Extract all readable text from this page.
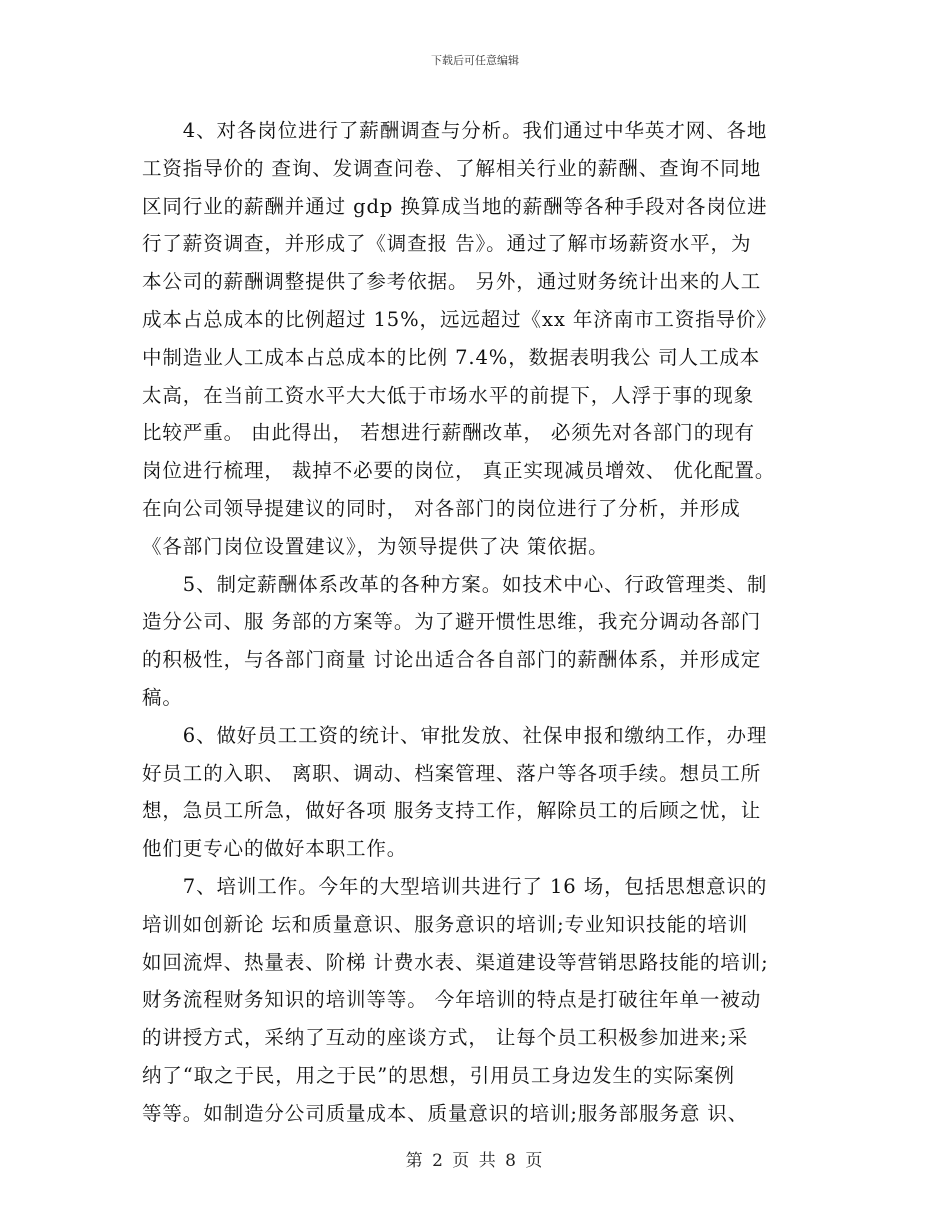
下载后可任意编辑
　　4、对各岗位进行了薪酬调查与分析。我们通过中华英才网、各地
工资指导价的 查询、发调查问卷、了解相关行业的薪酬、查询不同地
区同行业的薪酬并通过 gdp 换算成当地的薪酬等各种手段对各岗位进
行了薪资调查，并形成了《调查报 告》。通过了解市场薪资水平，为
本公司的薪酬调整提供了参考依据。 另外，通过财务统计出来的人工
成本占总成本的比例超过 15%，远远超过《xx 年济南市工资指导价》
中制造业人工成本占总成本的比例 7.4%，数据表明我公 司人工成本
太高，在当前工资水平大大低于市场水平的前提下，人浮于事的现象
比较严重。 由此得出， 若想进行薪酬改革， 必须先对各部门的现有
岗位进行梳理， 裁掉不必要的岗位， 真正实现减员增效、 优化配置。
在向公司领导提建议的同时， 对各部门的岗位进行了分析，并形成
《各部门岗位设置建议》，为领导提供了决 策依据。
　　5、制定薪酬体系改革的各种方案。如技术中心、行政管理类、制
造分公司、服 务部的方案等。为了避开惯性思维，我充分调动各部门
的积极性，与各部门商量 讨论出适合各自部门的薪酬体系，并形成定
稿。
　　6、做好员工工资的统计、审批发放、社保申报和缴纳工作，办理
好员工的入职、 离职、调动、档案管理、落户等各项手续。想员工所
想，急员工所急，做好各项 服务支持工作，解除员工的后顾之忧，让
他们更专心的做好本职工作。
　　7、培训工作。今年的大型培训共进行了 16 场，包括思想意识的
培训如创新论 坛和质量意识、服务意识的培训;专业知识技能的培训
如回流焊、热量表、阶梯 计费水表、渠道建设等营销思路技能的培训;
财务流程财务知识的培训等等。 今年培训的特点是打破往年单一被动
的讲授方式，采纳了互动的座谈方式， 让每个员工积极参加进来;采
纳了“取之于民，用之于民”的思想，引用员工身边发生的实际案例
等等。如制造分公司质量成本、质量意识的培训;服务部服务意 识、
第 2 页 共 8 页
